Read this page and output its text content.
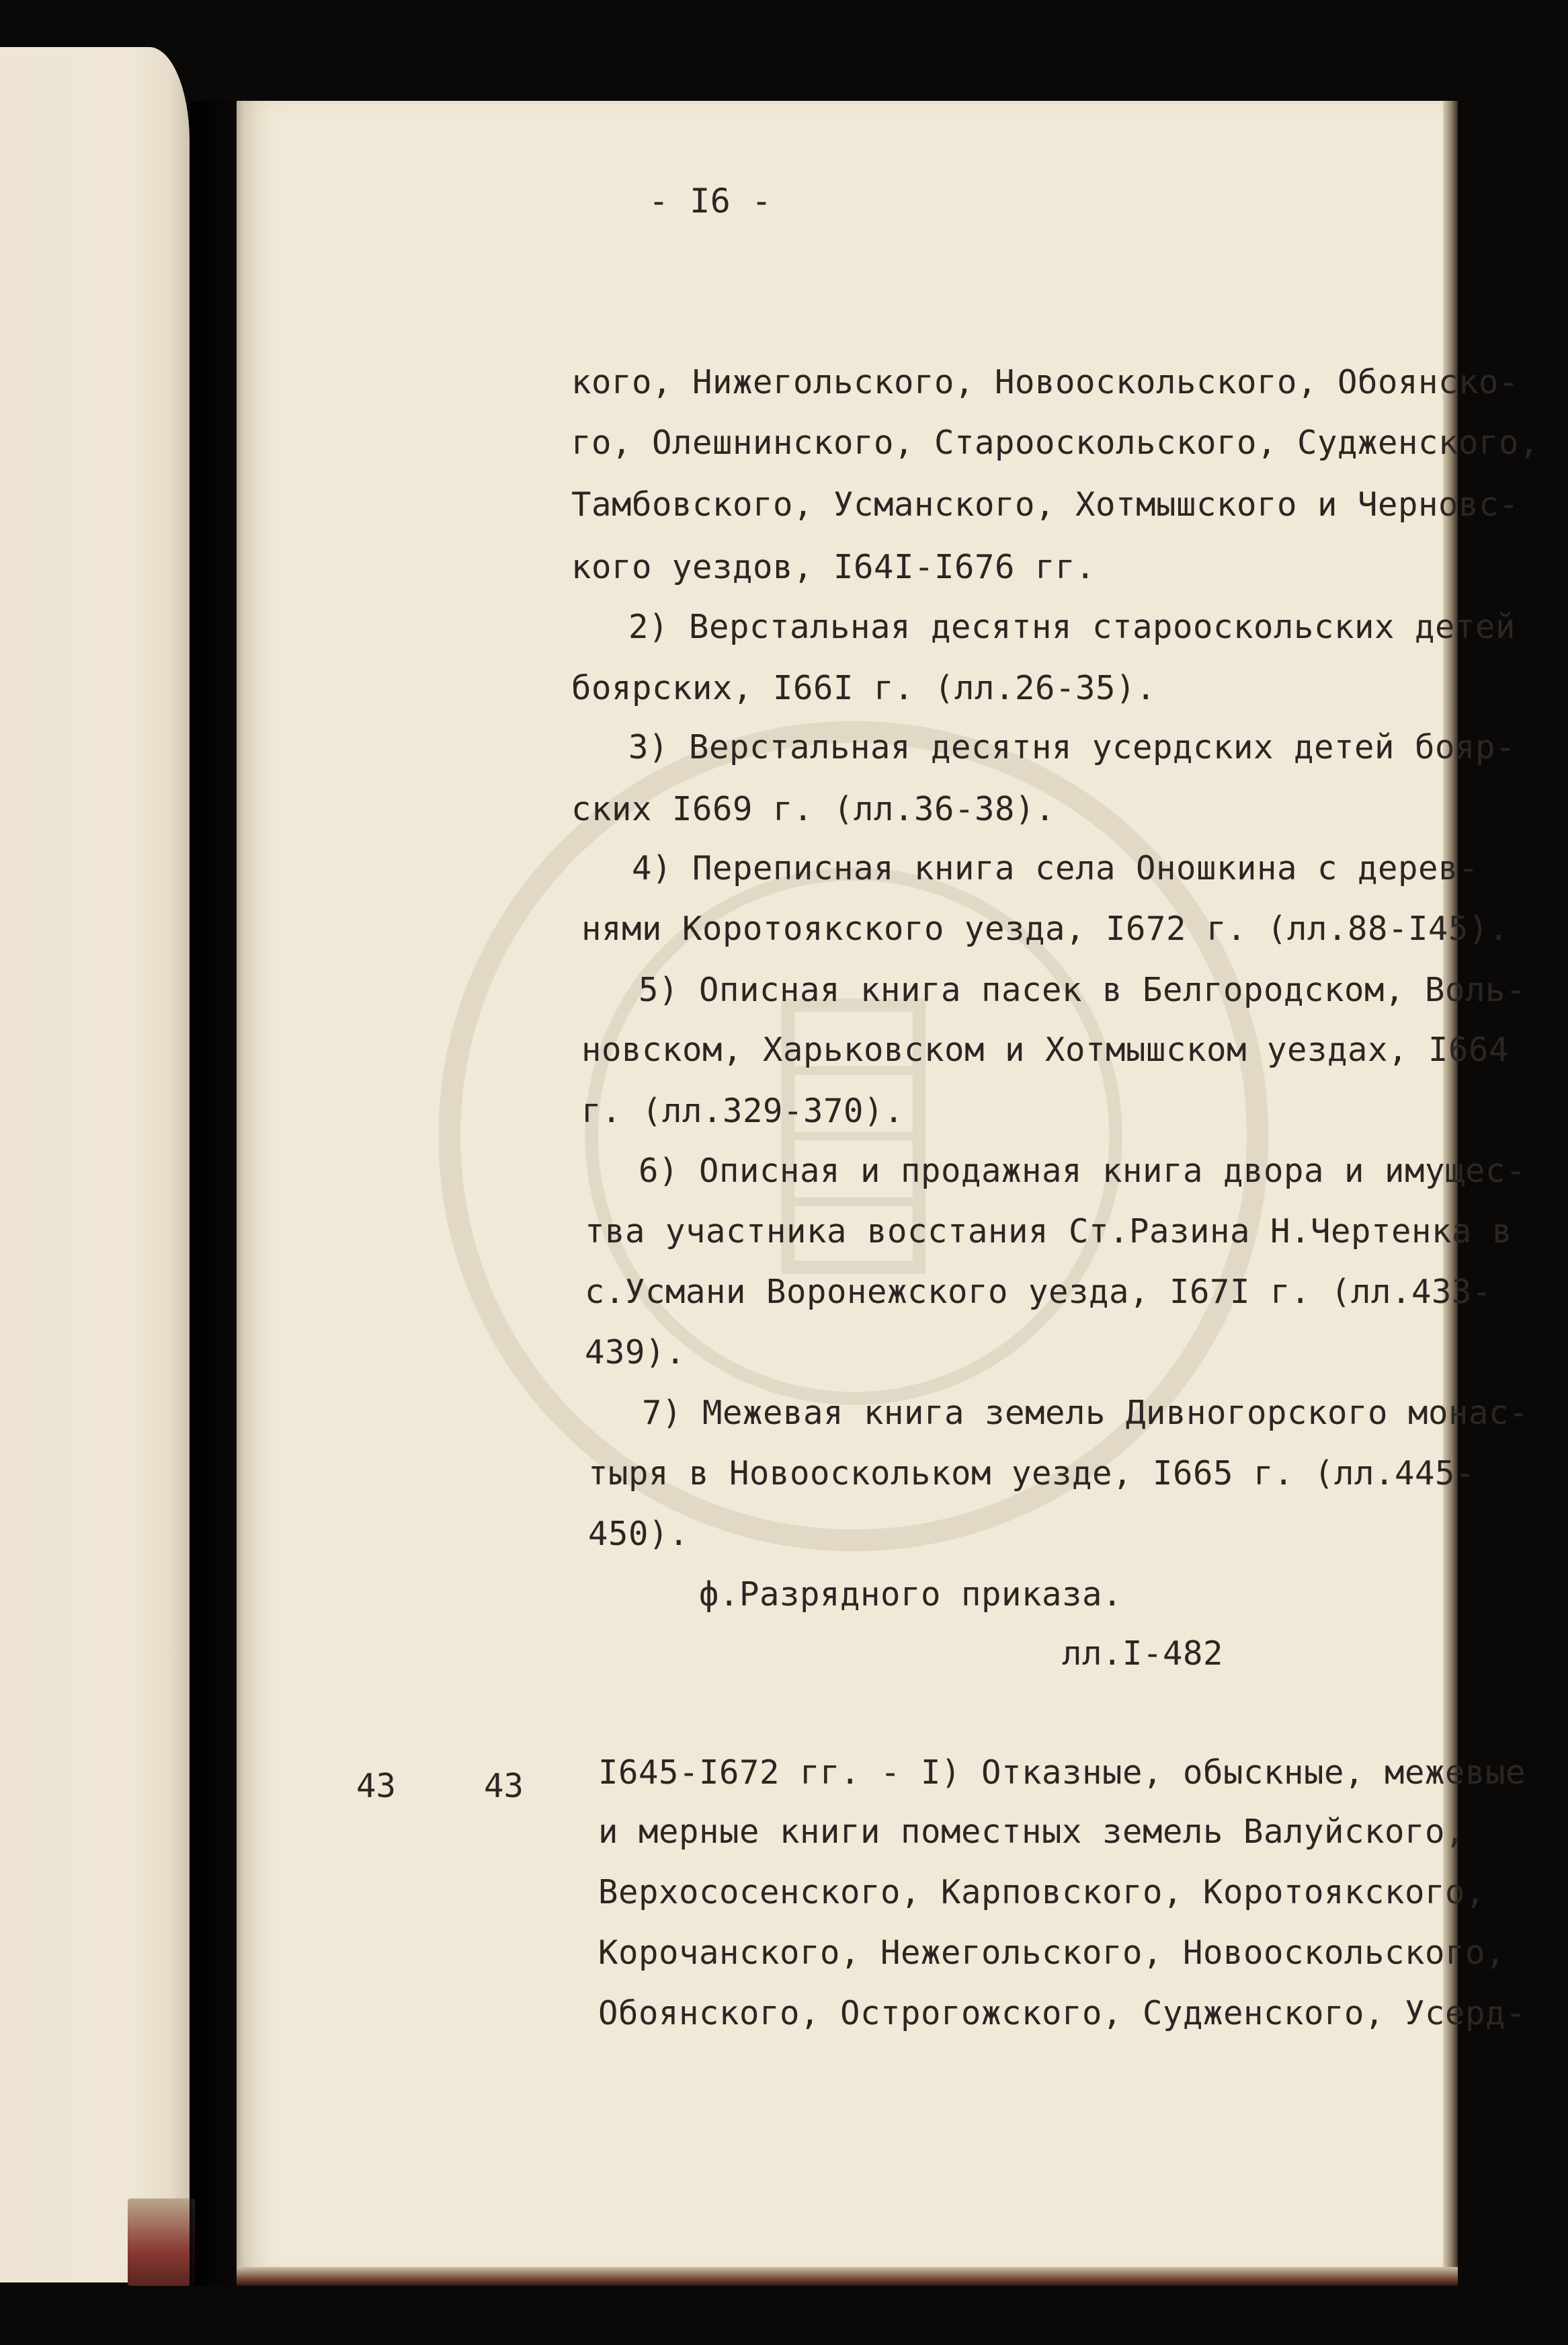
- I6 -
кого, Нижегольского, Новооскольского, Обоянско-
го, Олешнинского, Старооскольского, Судженского,
Тамбовского, Усманского, Хотмышского и Черновс-
кого уездов, I64I-I676 гг.
2) Верстальная десятня старооскольских детей
боярских, I66I г. (лл.26-35).
3) Верстальная десятня усердских детей бояр-
ских I669 г. (лл.36-38).
4) Переписная книга села Оношкина с дерев-
нями Коротоякского уезда, I672 г. (лл.88-I45).
5) Описная книга пасек в Белгородском, Воль-
новском, Харьковском и Хотмышском уездах, I664
г. (лл.329-370).
6) Описная и продажная книга двора и имущес-
тва участника восстания Ст.Разина Н.Чертенка в
с.Усмани Воронежского уезда, I67I г. (лл.433-
439).
7) Межевая книга земель Дивногорского монас-
тыря в Новооскольком уезде, I665 г. (лл.445-
450).
ф.Разрядного приказа.
лл.I-482
43	43 I645-I672 гг. - I) Отказные, обыскные, межевые
и мерные книги поместных земель Валуйского,
Верхососенского, Карповского, Коротоякского,
Корочанского, Нежегольского, Новооскольского,
Обоянского, Острогожского, Судженского, Усерд-
